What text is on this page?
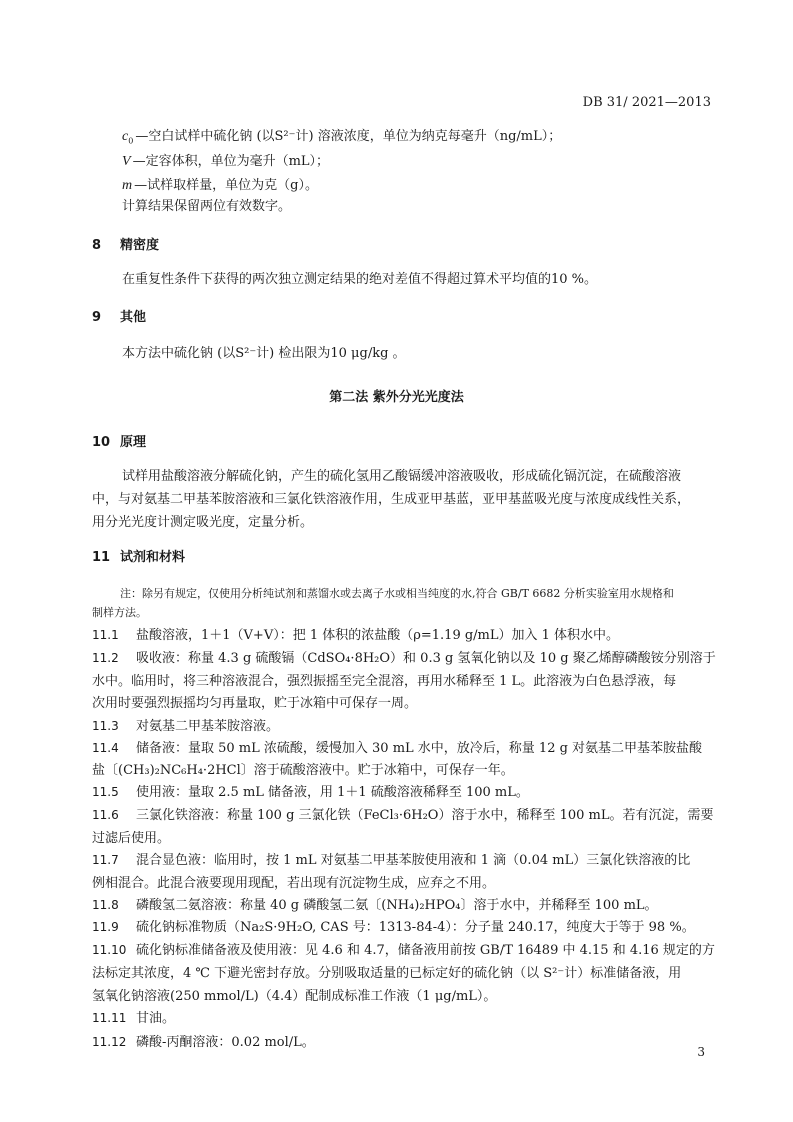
DB 31/ 2021—2013
$c_0$ —空白试样中硫化钠 (以S²⁻计) 溶液浓度，单位为纳克每毫升（ng/mL）；
V —定容体积，单位为毫升（mL）；
m —试样取样量，单位为克（g）。
计算结果保留两位有效数字。
8 精密度
在重复性条件下获得的两次独立测定结果的绝对差值不得超过算术平均值的10 %。
9 其他
本方法中硫化钠 (以S²⁻计) 检出限为10 μg/kg 。
第二法 紫外分光光度法
10 原理
试样用盐酸溶液分解硫化钠，产生的硫化氢用乙酸镉缓冲溶液吸收，形成硫化镉沉淀，在硫酸溶液
中，与对氨基二甲基苯胺溶液和三氯化铁溶液作用，生成亚甲基蓝，亚甲基蓝吸光度与浓度成线性关系，
用分光光度计测定吸光度，定量分析。
11 试剂和材料
注：除另有规定，仅使用分析纯试剂和蒸馏水或去离子水或相当纯度的水,符合 GB/T 6682 分析实验室用水规格和
制样方法。
11.1 盐酸溶液，1＋1（V+V）：把 1 体积的浓盐酸（ρ=1.19 g/mL）加入 1 体积水中。
11.2 吸收液：称量 4.3 g 硫酸镉（CdSO₄·8H₂O）和 0.3 g 氢氧化钠以及 10 g 聚乙烯醇磷酸铵分别溶于
水中。临用时，将三种溶液混合，强烈振摇至完全混溶，再用水稀释至 1 L。此溶液为白色悬浮液，每
次用时要强烈振摇均匀再量取，贮于冰箱中可保存一周。
11.3 对氨基二甲基苯胺溶液。
11.4 储备液：量取 50 mL 浓硫酸，缓慢加入 30 mL 水中，放冷后，称量 12 g 对氨基二甲基苯胺盐酸
盐〔(CH₃)₂NC₆H₄·2HCl〕溶于硫酸溶液中。贮于冰箱中，可保存一年。
11.5 使用液：量取 2.5 mL 储备液，用 1＋1 硫酸溶液稀释至 100 mL。
11.6 三氯化铁溶液：称量 100 g 三氯化铁（FeCl₃·6H₂O）溶于水中，稀释至 100 mL。若有沉淀，需要
过滤后使用。
11.7 混合显色液：临用时，按 1 mL 对氨基二甲基苯胺使用液和 1 滴（0.04 mL）三氯化铁溶液的比
例相混合。此混合液要现用现配，若出现有沉淀物生成，应弃之不用。
11.8 磷酸氢二氨溶液：称量 40 g 磷酸氢二氨〔(NH₄)₂HPO₄〕溶于水中，并稀释至 100 mL。
11.9 硫化钠标准物质（Na₂S·9H₂O, CAS 号：1313-84-4）：分子量 240.17，纯度大于等于 98 %。
11.10 硫化钠标准储备液及使用液：见 4.6 和 4.7，储备液用前按 GB/T 16489 中 4.15 和 4.16 规定的方
法标定其浓度，4 ℃ 下避光密封存放。分别吸取适量的已标定好的硫化钠（以 S²⁻计）标准储备液，用
氢氧化钠溶液(250 mmol/L)（4.4）配制成标准工作液（1 μg/mL）。
11.11 甘油。
11.12 磷酸-丙酮溶液：0.02 mol/L。
3
